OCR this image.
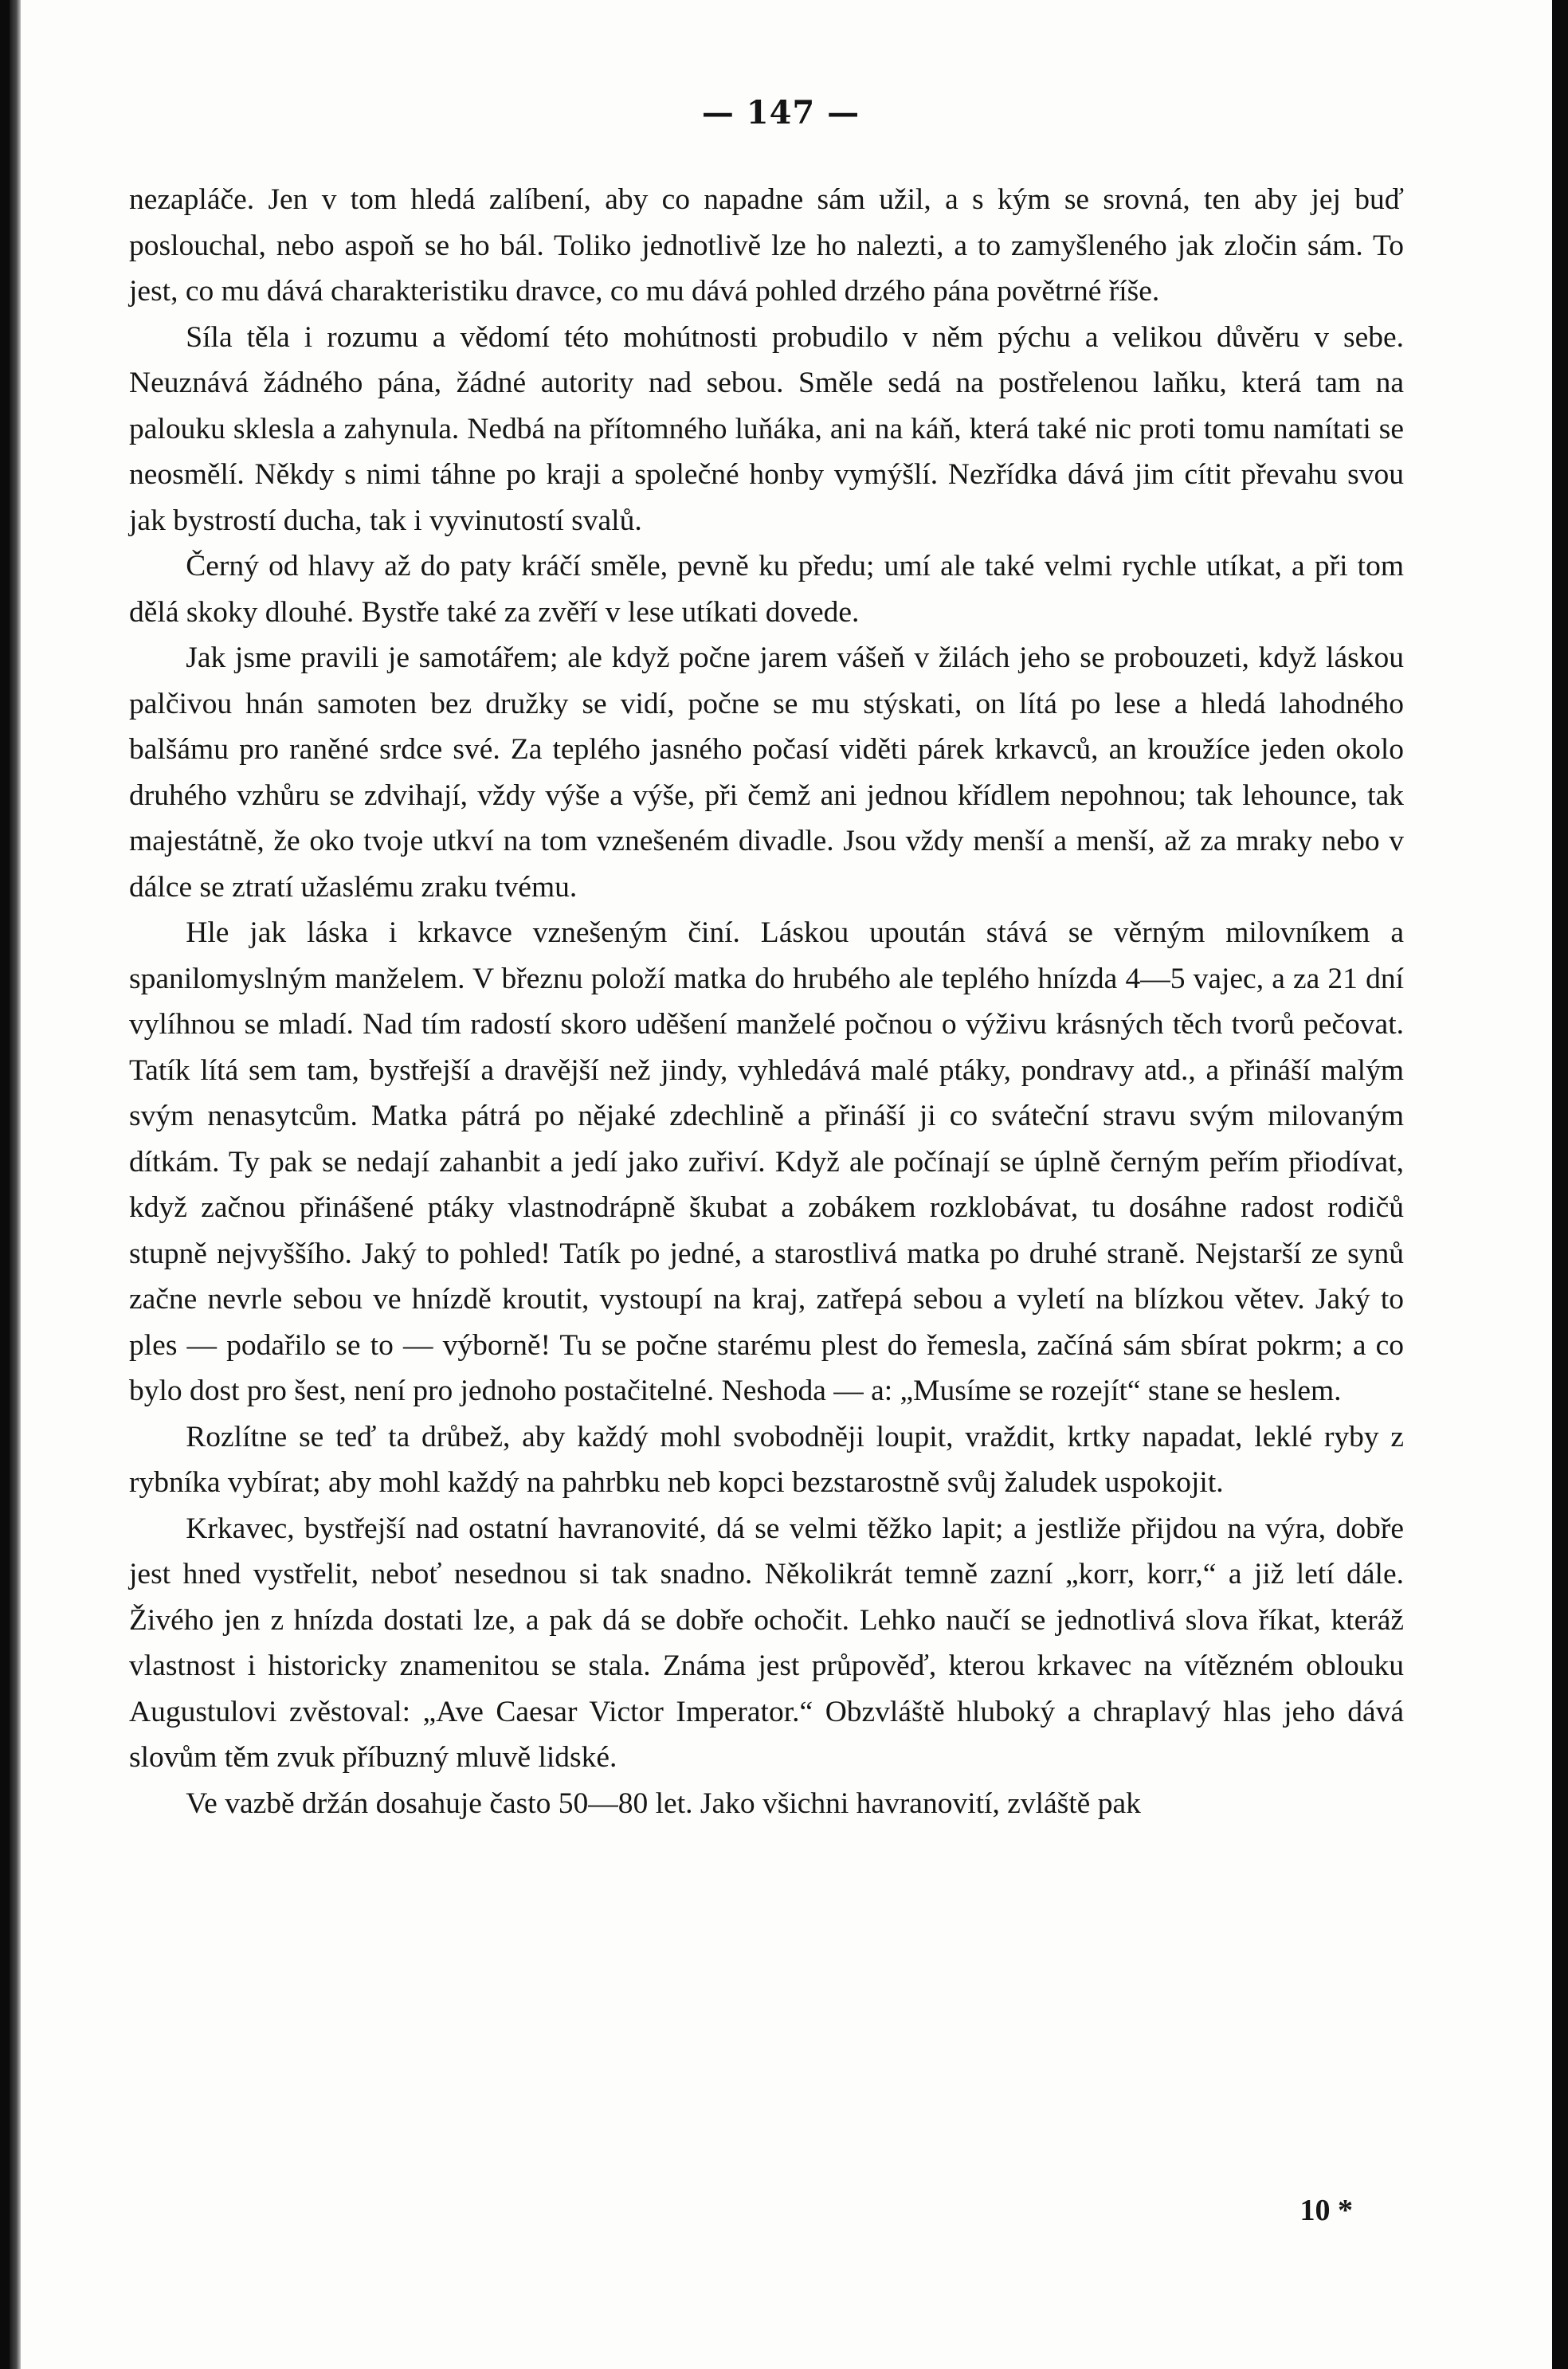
— 147 —

nezapláče. Jen v tom hledá zalíbení, aby co napadne sám užil, a s kým se srovná, ten aby jej buď poslouchal, nebo aspoň se ho bál. Toliko jednotlivě lze ho nalezti, a to zamyšleného jak zločin sám. To jest, co mu dává charakteristiku dravce, co mu dává pohled drzého pána povětrné říše.

Síla těla i rozumu a vědomí této mohútnosti probudilo v něm pýchu a velikou důvěru v sebe. Neuznává žádného pána, žádné autority nad sebou. Směle sedá na postřelenou laňku, která tam na palouku sklesla a zahynula. Nedbá na přítomného luňáka, ani na káň, která také nic proti tomu namítati se neosmělí. Někdy s nimi táhne po kraji a společné honby vymýšlí. Nezřídka dává jim cítit převahu svou jak bystrostí ducha, tak i vyvinutostí svalů.

Černý od hlavy až do paty kráčí směle, pevně ku předu; umí ale také velmi rychle utíkat, a při tom dělá skoky dlouhé. Bystře také za zvěří v lese utíkati dovede.

Jak jsme pravili je samotářem; ale když počne jarem vášeň v žilách jeho se probouzeti, když láskou palčivou hnán samoten bez družky se vidí, počne se mu stýskati, on lítá po lese a hledá lahodného balšámu pro raněné srdce své. Za teplého jasného počasí viděti párek krkavců, an kroužíce jeden okolo druhého vzhůru se zdvihají, vždy výše a výše, při čemž ani jednou křídlem nepohnou; tak lehounce, tak majestátně, že oko tvoje utkví na tom vznešeném divadle. Jsou vždy menší a menší, až za mraky nebo v dálce se ztratí užaslému zraku tvému.

Hle jak láska i krkavce vznešeným činí. Láskou upoután stává se věrným milovníkem a spanilomyslným manželem. V březnu položí matka do hrubého ale teplého hnízda 4—5 vajec, a za 21 dní vylíhnou se mladí. Nad tím radostí skoro uděšení manželé počnou o výživu krásných těch tvorů pečovat. Tatík lítá sem tam, bystřejší a dravější než jindy, vyhledává malé ptáky, pondravy atd., a přináší malým svým nenasytcům. Matka pátrá po nějaké zdechlině a přináší ji co sváteční stravu svým milovaným dítkám. Ty pak se nedají zahanbit a jedí jako zuřiví. Když ale počínají se úplně černým peřím přiodívat, když začnou přinášené ptáky vlastnodrápně škubat a zobákem rozklobávat, tu dosáhne radost rodičů stupně nejvyššího. Jaký to pohled! Tatík po jedné, a starostlivá matka po druhé straně. Nejstarší ze synů začne nevrle sebou ve hnízdě kroutit, vystoupí na kraj, zatřepá sebou a vyletí na blízkou větev. Jaký to ples — podařilo se to — výborně! Tu se počne starému plest do řemesla, začíná sám sbírat pokrm; a co bylo dost pro šest, není pro jednoho postačitelné. Neshoda — a: „Musíme se rozejít“ stane se heslem.

Rozlítne se teď ta drůbež, aby každý mohl svobodněji loupit, vraždit, krtky napadat, leklé ryby z rybníka vybírat; aby mohl každý na pahrbku neb kopci bezstarostně svůj žaludek uspokojit.

Krkavec, bystřejší nad ostatní havranovité, dá se velmi těžko lapit; a jestliže přijdou na výra, dobře jest hned vystřelit, neboť nesednou si tak snadno. Několikrát temně zazní „korr, korr,“ a již letí dále. Živého jen z hnízda dostati lze, a pak dá se dobře ochočit. Lehko naučí se jednotlivá slova říkat, kteráž vlastnost i historicky znamenitou se stala. Známa jest průpověď, kterou krkavec na vítězném oblouku Augustulovi zvěstoval: „Ave Caesar Victor Imperator.“ Obzvláště hluboký a chraplavý hlas jeho dává slovům těm zvuk příbuzný mluvě lidské.

Ve vazbě držán dosahuje často 50—80 let. Jako všichni havranovití, zvláště pak

10 *
